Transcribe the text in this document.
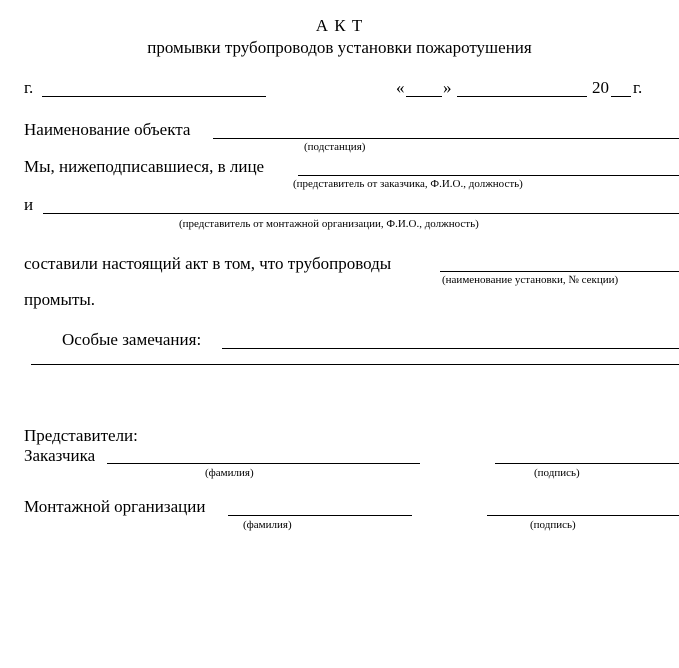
А К Т
промывки трубопроводов установки пожаротушения
г.	« »	20 г.
Наименование объекта
(подстанция)
Мы, нижеподписавшиеся, в лице
(представитель от заказчика, Ф.И.О., должность)
и
(представитель от монтажной организации, Ф.И.О., должность)
составили настоящий акт в том, что трубопроводы
(наименование установки, № секции)
промыты.
Особые замечания:
Представители:
Заказчика
(фамилия)	(подпись)
Монтажной организации
(фамилия)	(подпись)
